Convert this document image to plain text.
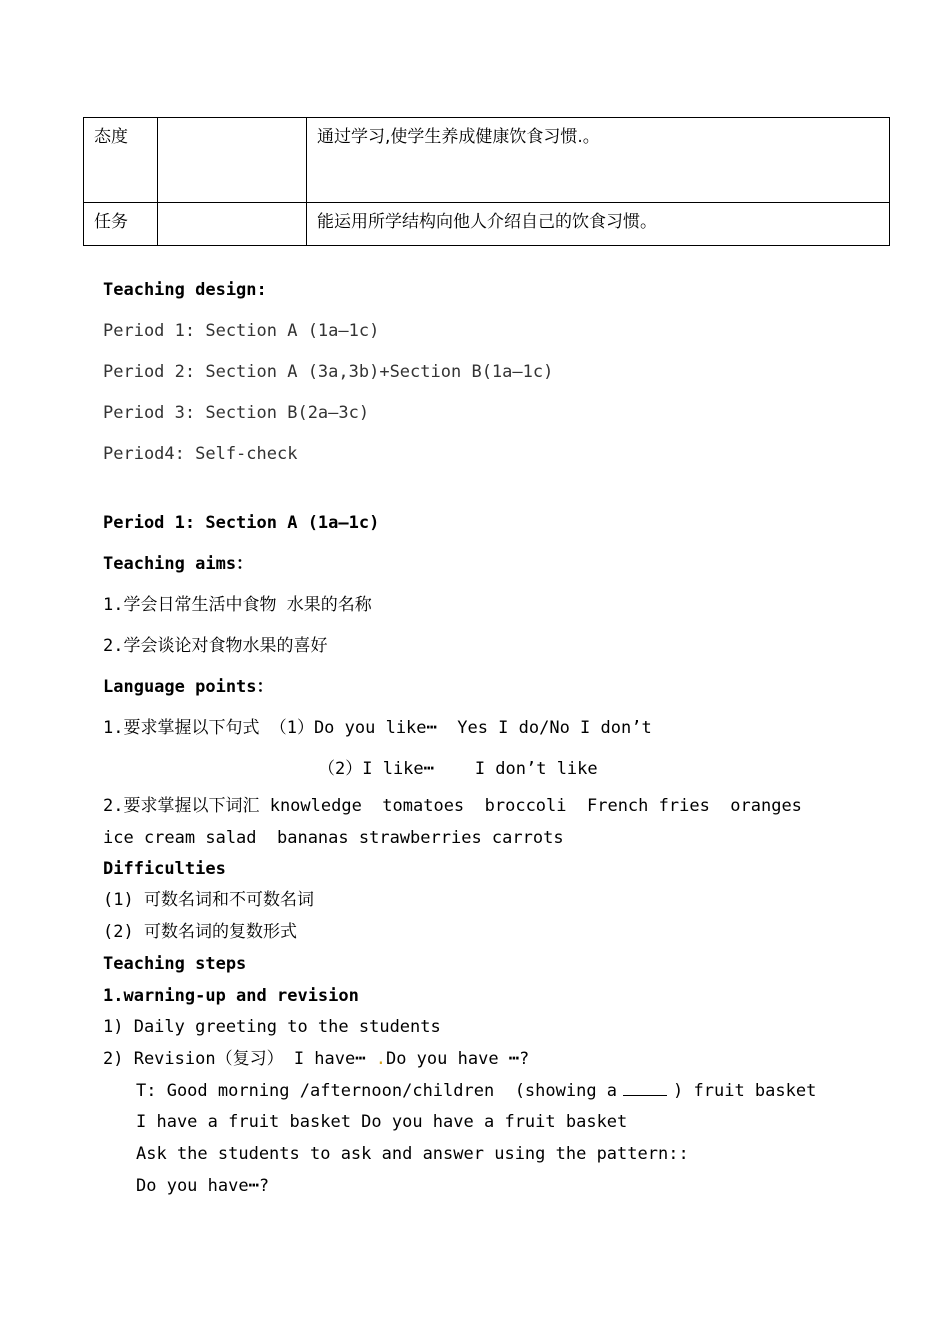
态度		通过学习,使学生养成健康饮食习惯.。
任务		能运用所学结构向他人介绍自己的饮食习惯。
Teaching design:
Period 1: Section A (1a—1c)
Period 2: Section A (3a,3b)+Section B(1a—1c)
Period 3: Section B(2a—3c)
Period4: Self-check
Period 1: Section A (1a—1c)
Teaching aims：
1.学会日常生活中食物 水果的名称
2.学会谈论对食物水果的喜好
Language points：
1.要求掌握以下句式 （1）Do you like┅  Yes I do/No I don’t
（2）I like┅    I don’t like
2.要求掌握以下词汇 knowledge  tomatoes  broccoli  French fries  oranges
ice cream salad  bananas strawberries carrots
Difficulties
(1) 可数名词和不可数名词
(2) 可数名词的复数形式
Teaching steps
1.warning-up and revision
1) Daily greeting to the students
2) Revision（复习） I have┅ .Do you have ┅?
T: Good morning /afternoon/children  (showing a	) fruit basket
I have a fruit basket Do you have a fruit basket
Ask the students to ask and answer using the pattern::
Do you have┅?
